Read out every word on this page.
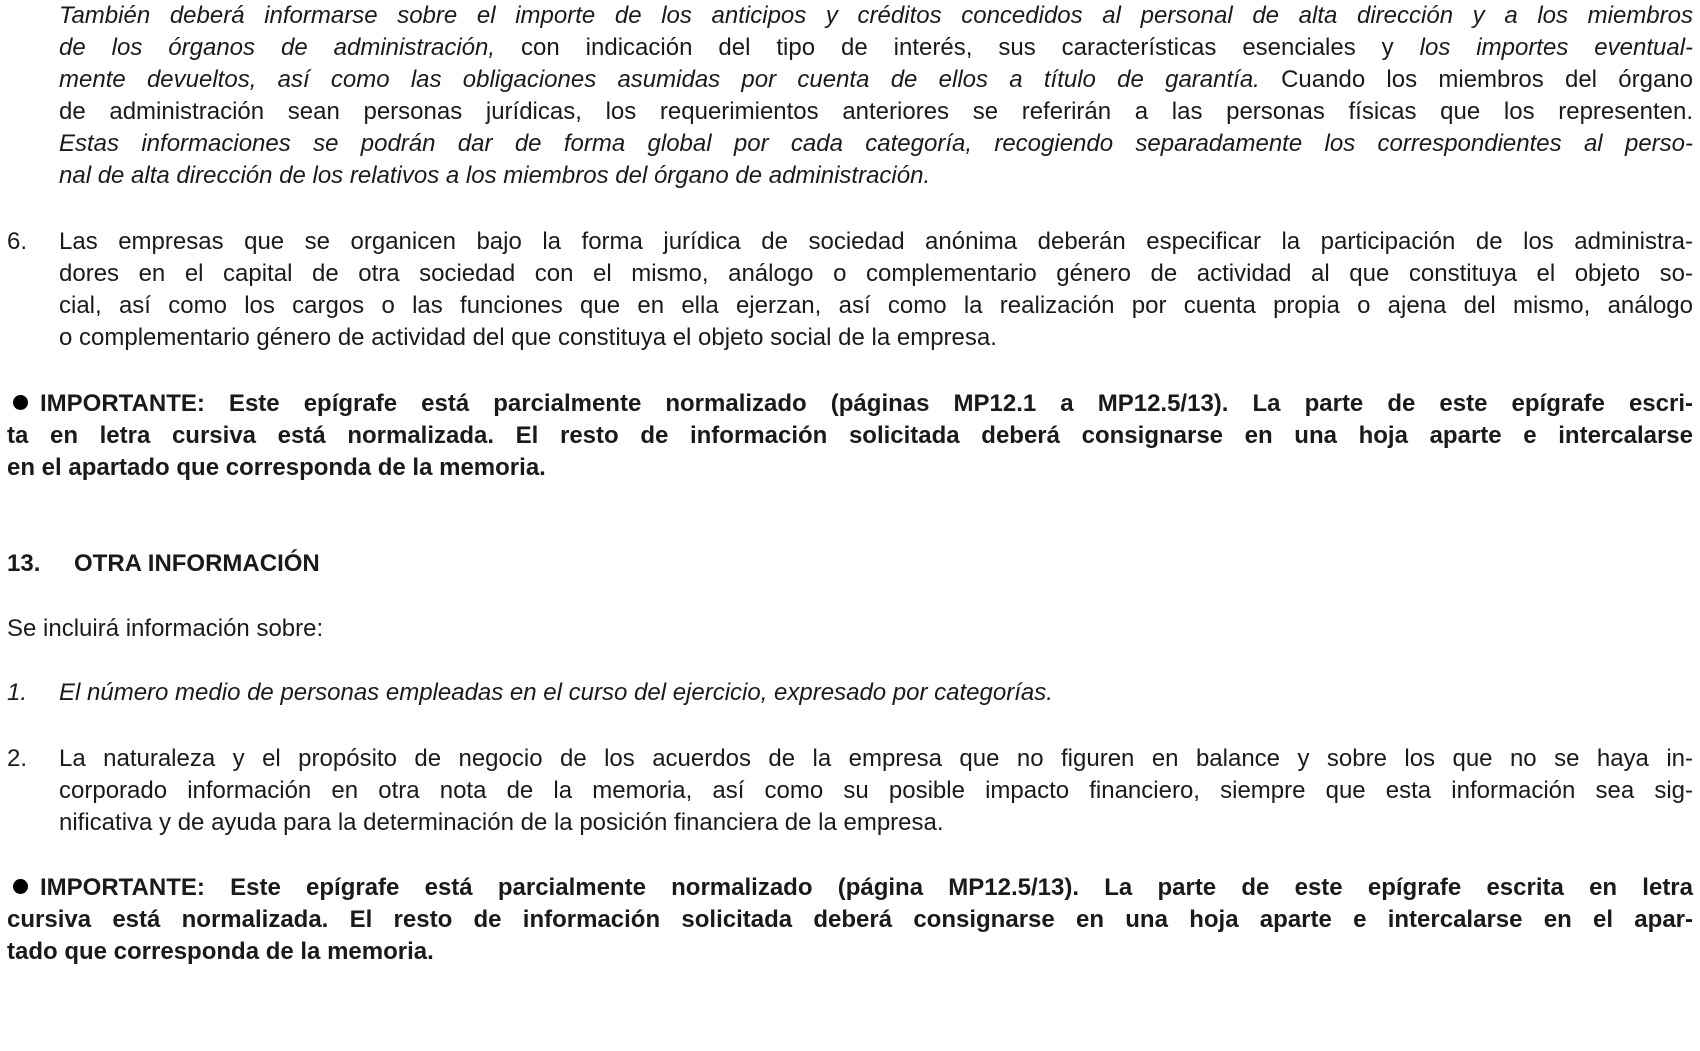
También deberá informarse sobre el importe de los anticipos y créditos concedidos al personal de alta dirección y a los miembros
de los órganos de administración, con indicación del tipo de interés, sus características esenciales y los importes eventual-
mente devueltos, así como las obligaciones asumidas por cuenta de ellos a título de garantía. Cuando los miembros del órgano
de administración sean personas jurídicas, los requerimientos anteriores se referirán a las personas físicas que los representen.
Estas informaciones se podrán dar de forma global por cada categoría, recogiendo separadamente los correspondientes al perso-
nal de alta dirección de los relativos a los miembros del órgano de administración.
6. Las empresas que se organicen bajo la forma jurídica de sociedad anónima deberán especificar la participación de los administra-
dores en el capital de otra sociedad con el mismo, análogo o complementario género de actividad al que constituya el objeto so-
cial, así como los cargos o las funciones que en ella ejerzan, así como la realización por cuenta propia o ajena del mismo, análogo
o complementario género de actividad del que constituya el objeto social de la empresa.
IMPORTANTE: Este epígrafe está parcialmente normalizado (páginas MP12.1 a MP12.5/13). La parte de este epígrafe escri-
ta en letra cursiva está normalizada. El resto de información solicitada deberá consignarse en una hoja aparte e intercalarse
en el apartado que corresponda de la memoria.
13. OTRA INFORMACIÓN
Se incluirá información sobre:
1. El número medio de personas empleadas en el curso del ejercicio, expresado por categorías.
2. La naturaleza y el propósito de negocio de los acuerdos de la empresa que no figuren en balance y sobre los que no se haya in-
corporado información en otra nota de la memoria, así como su posible impacto financiero, siempre que esta información sea sig-
nificativa y de ayuda para la determinación de la posición financiera de la empresa.
IMPORTANTE: Este epígrafe está parcialmente normalizado (página MP12.5/13). La parte de este epígrafe escrita en letra
cursiva está normalizada. El resto de información solicitada deberá consignarse en una hoja aparte e intercalarse en el apar-
tado que corresponda de la memoria.
